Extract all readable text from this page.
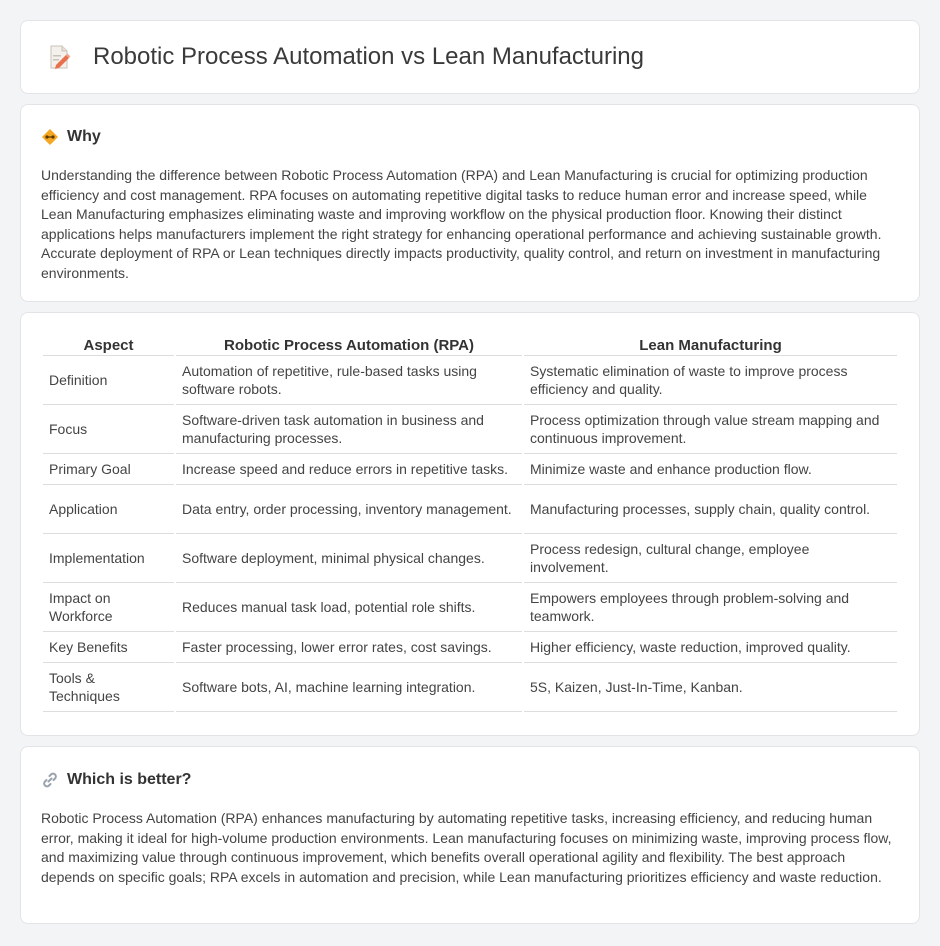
Robotic Process Automation vs Lean Manufacturing
Why

Understanding the difference between Robotic Process Automation (RPA) and Lean Manufacturing is crucial for optimizing production efficiency and cost management. RPA focuses on automating repetitive digital tasks to reduce human error and increase speed, while Lean Manufacturing emphasizes eliminating waste and improving workflow on the physical production floor. Knowing their distinct applications helps manufacturers implement the right strategy for enhancing operational performance and achieving sustainable growth. Accurate deployment of RPA or Lean techniques directly impacts productivity, quality control, and return on investment in manufacturing environments.

Aspect	Robotic Process Automation (RPA)	Lean Manufacturing
Definition	Automation of repetitive, rule-based tasks using software robots.	Systematic elimination of waste to improve process efficiency and quality.
Focus	Software-driven task automation in business and manufacturing processes.	Process optimization through value stream mapping and continuous improvement.
Primary Goal	Increase speed and reduce errors in repetitive tasks.	Minimize waste and enhance production flow.
Application	Data entry, order processing, inventory management.	Manufacturing processes, supply chain, quality control.
Implementation	Software deployment, minimal physical changes.	Process redesign, cultural change, employee involvement.
Impact on Workforce	Reduces manual task load, potential role shifts.	Empowers employees through problem-solving and teamwork.
Key Benefits	Faster processing, lower error rates, cost savings.	Higher efficiency, waste reduction, improved quality.
Tools & Techniques	Software bots, AI, machine learning integration.	5S, Kaizen, Just-In-Time, Kanban.
Which is better?

Robotic Process Automation (RPA) enhances manufacturing by automating repetitive tasks, increasing efficiency, and reducing human error, making it ideal for high-volume production environments. Lean manufacturing focuses on minimizing waste, improving process flow, and maximizing value through continuous improvement, which benefits overall operational agility and flexibility. The best approach depends on specific goals; RPA excels in automation and precision, while Lean manufacturing prioritizes efficiency and waste reduction.
